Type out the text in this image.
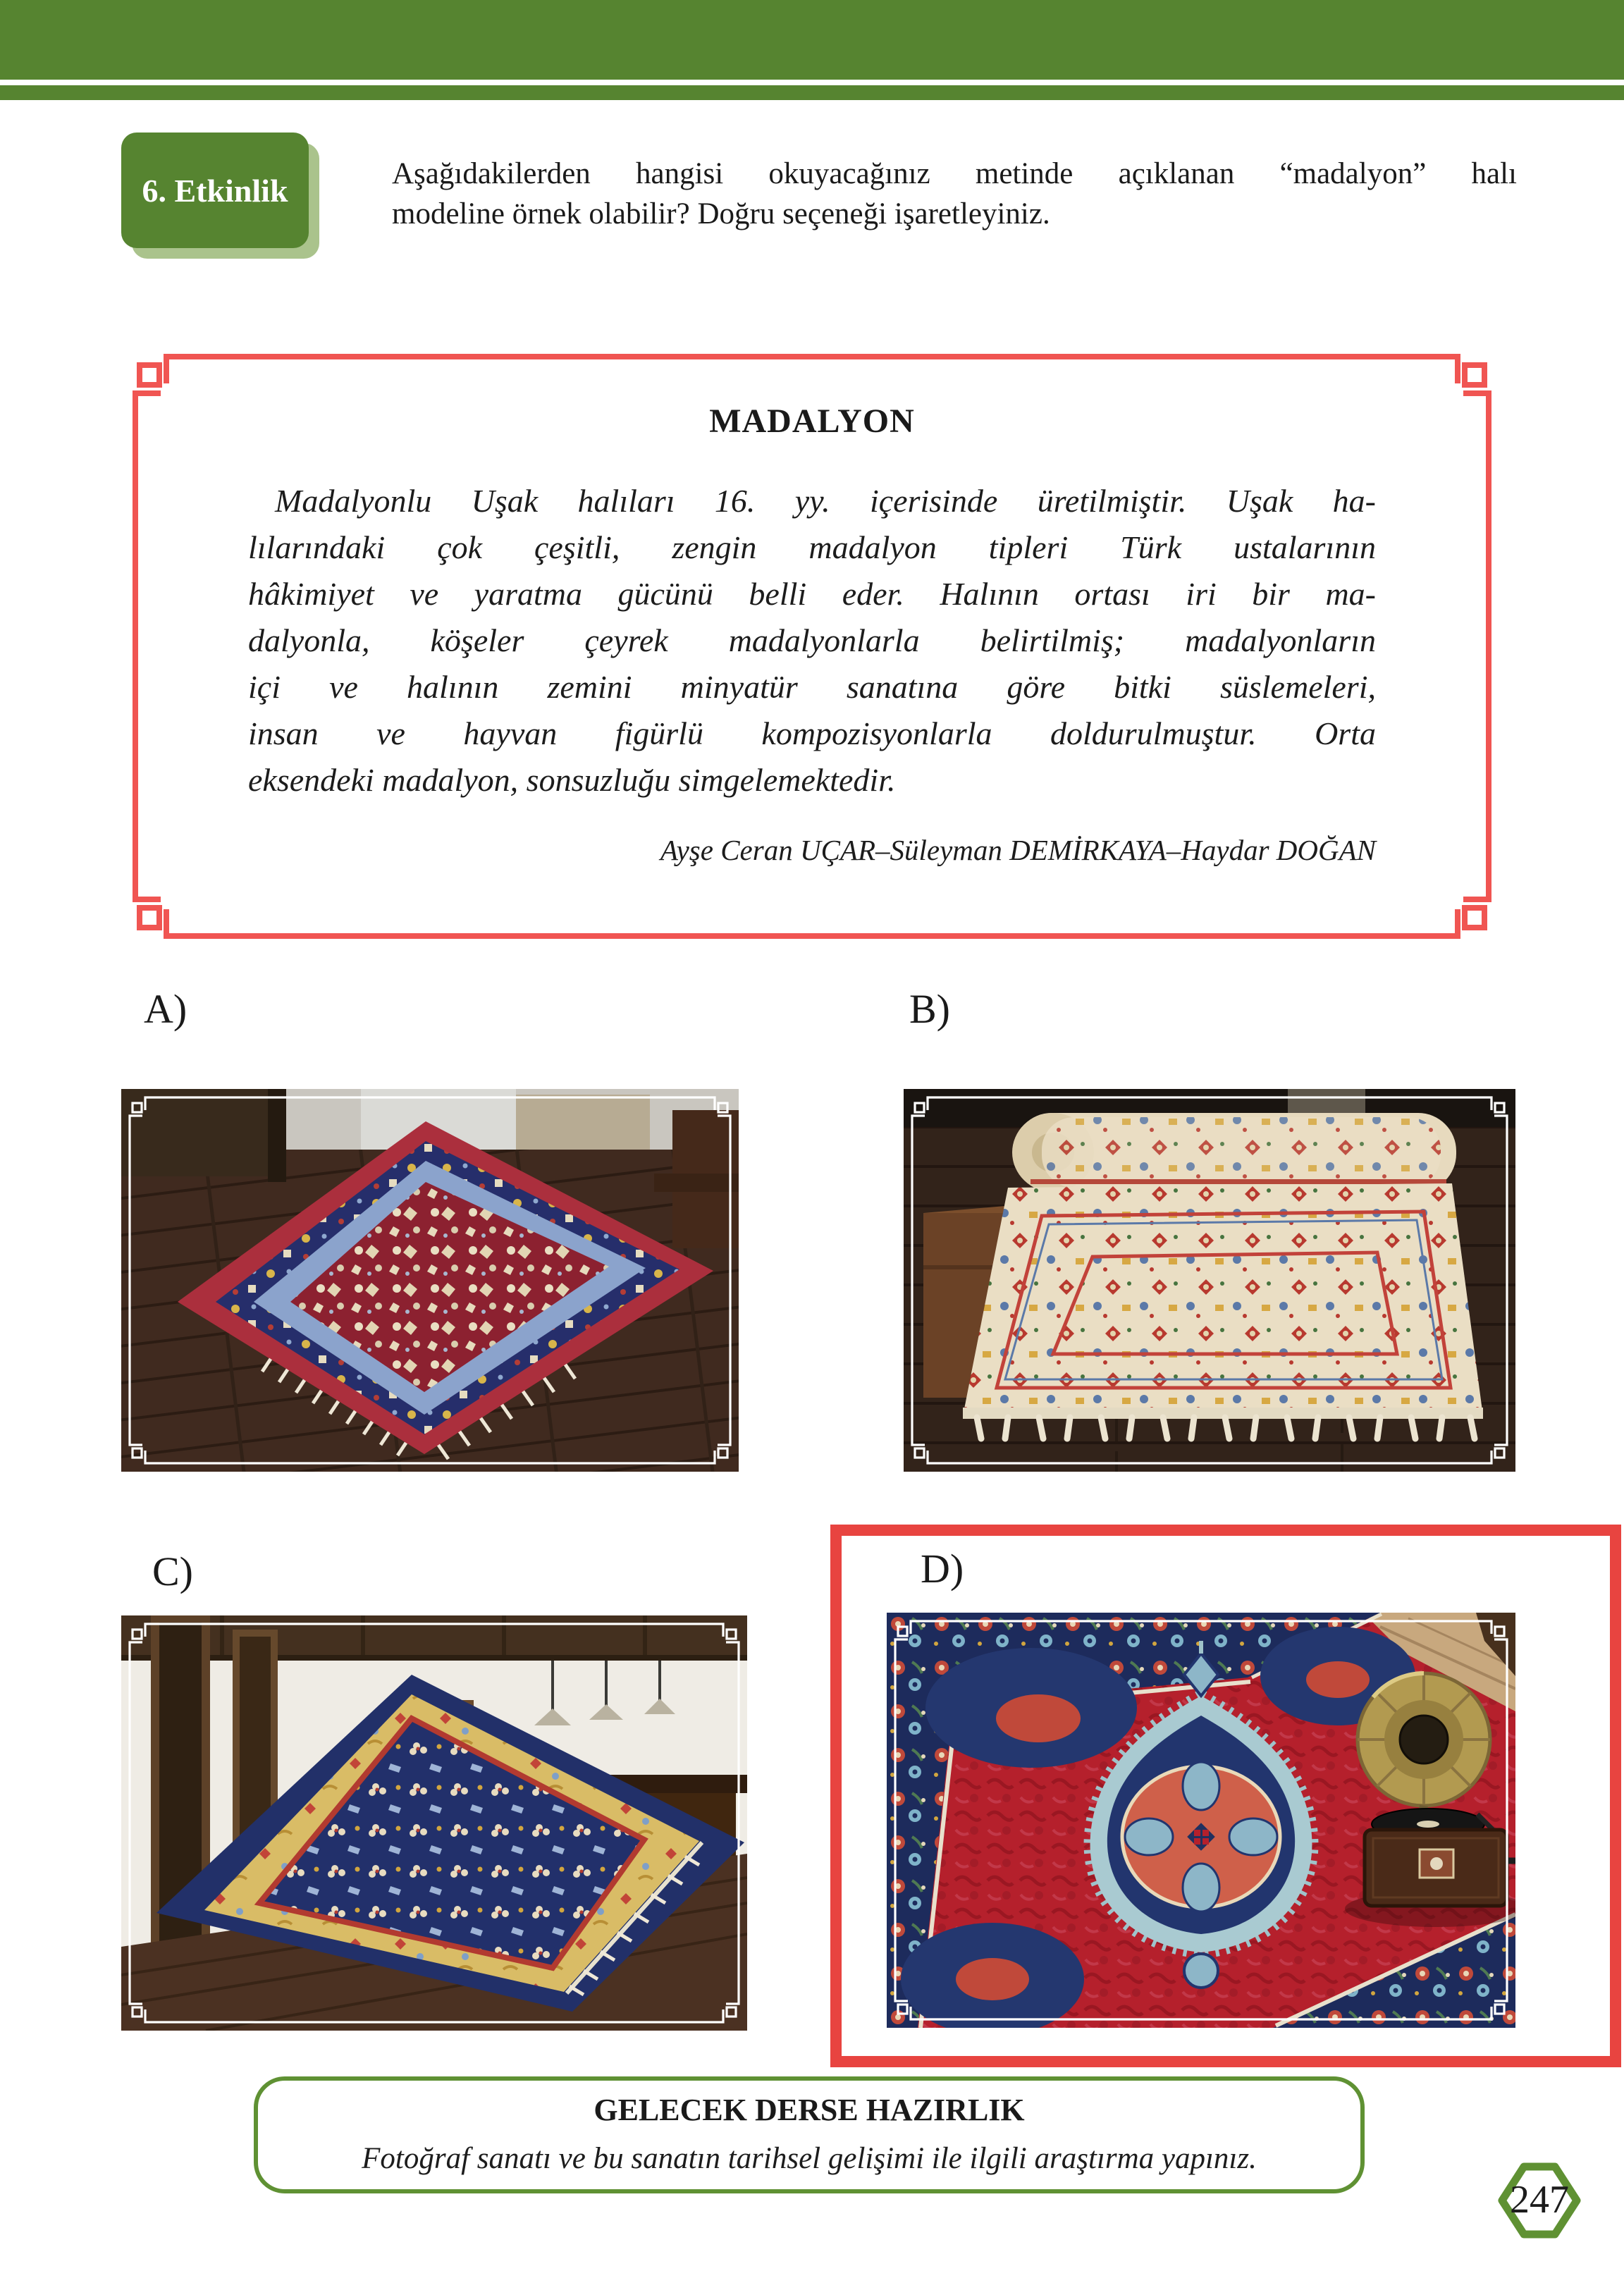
6. Etkinlik	Aşağıdakilerden hangisi okuyacağınız metinde açıklanan “madalyon” halı
modeline örnek olabilir? Doğru seçeneği işaretleyiniz.
MADALYON
Madalyonlu Uşak halıları 16. yy. içerisinde üretilmiştir. Uşak ha-
lılarındaki çok çeşitli, zengin madalyon tipleri Türk ustalarının
hâkimiyet ve yaratma gücünü belli eder. Halının ortası iri bir ma-
dalyonla, köşeler çeyrek madalyonlarla belirtilmiş; madalyonların
içi ve halının zemini minyatür sanatına göre bitki süslemeleri,
insan ve hayvan figürlü kompozisyonlarla doldurulmuştur. Orta
eksendeki madalyon, sonsuzluğu simgelemektedir.
Ayşe Ceran UÇAR–Süleyman DEMİRKAYA–Haydar DOĞAN
A)	B)
C)	D)
GELECEK DERSE HAZIRLIK
Fotoğraf sanatı ve bu sanatın tarihsel gelişimi ile ilgili araştırma yapınız.
247
